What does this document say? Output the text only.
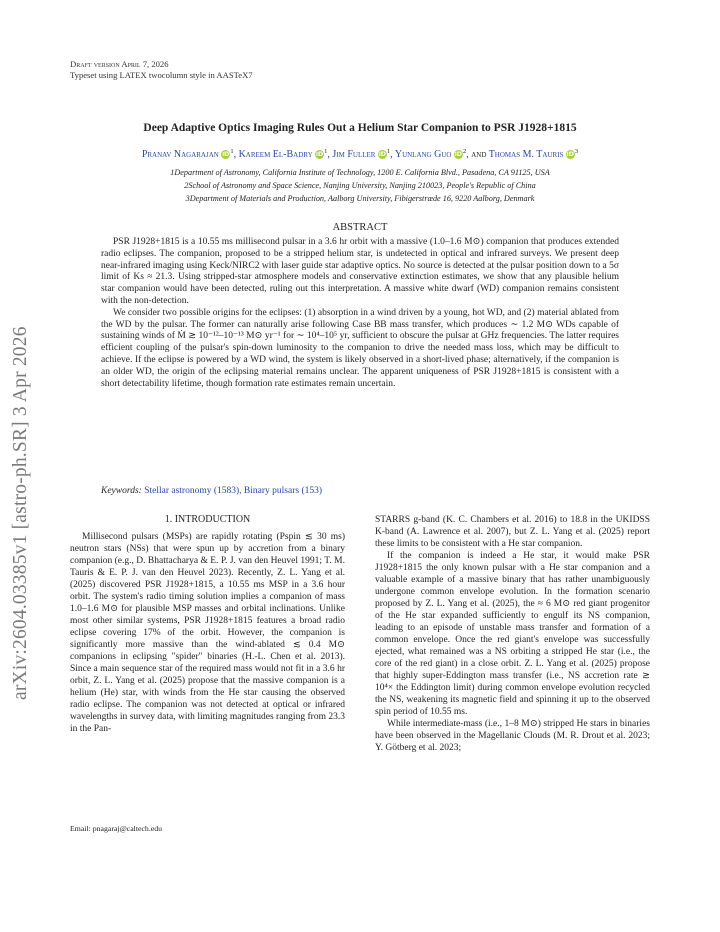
arXiv:2604.03385v1 [astro-ph.SR] 3 Apr 2026
Draft version April 7, 2026
Typeset using LATEX twocolumn style in AASTeX7
Deep Adaptive Optics Imaging Rules Out a Helium Star Companion to PSR J1928+1815
Pranav Nagarajan $iD^1$, Kareem El-Badry $iD^1$, Jim Fuller $iD^1$, Yunlang Guo $iD^2$, and Thomas M. Tauris $iD^3$
1Department of Astronomy, California Institute of Technology, 1200 E. California Blvd., Pasadena, CA 91125, USA
2School of Astronomy and Space Science, Nanjing University, Nanjing 210023, People's Republic of China
3Department of Materials and Production, Aalborg University, Fibigerstræde 16, 9220 Aalborg, Denmark
ABSTRACT

PSR J1928+1815 is a 10.55 ms millisecond pulsar in a 3.6 hr orbit with a massive (1.0–1.6 M⊙) companion that produces extended radio eclipses. The companion, proposed to be a stripped helium star, is undetected in optical and infrared surveys. We present deep near-infrared imaging using Keck/NIRC2 with laser guide star adaptive optics. No source is detected at the pulsar position down to a 5σ limit of Ks ≈ 21.3. Using stripped-star atmosphere models and conservative extinction estimates, we show that any plausible helium star companion would have been detected, ruling out this interpretation. A massive white dwarf (WD) companion remains consistent with the non-detection.

We consider two possible origins for the eclipses: (1) absorption in a wind driven by a young, hot WD, and (2) material ablated from the WD by the pulsar. The former can naturally arise following Case BB mass transfer, which produces ∼ 1.2 M⊙ WDs capable of sustaining winds of Ṁ ≳ 10⁻¹²–10⁻¹³ M⊙ yr⁻¹ for ∼ 10⁴–10⁵ yr, sufficient to obscure the pulsar at GHz frequencies. The latter requires efficient coupling of the pulsar's spin-down luminosity to the companion to drive the needed mass loss, which may be difficult to achieve. If the eclipse is powered by a WD wind, the system is likely observed in a short-lived phase; alternatively, if the companion is an older WD, the origin of the eclipsing material remains unclear. The apparent uniqueness of PSR J1928+1815 is consistent with a short detectability lifetime, though formation rate estimates remain uncertain.

Keywords: Stellar astronomy (1583), Binary pulsars (153)
1. INTRODUCTION

Millisecond pulsars (MSPs) are rapidly rotating (Pspin ≲ 30 ms) neutron stars (NSs) that were spun up by accretion from a binary companion (e.g., D. Bhattacharya & E. P. J. van den Heuvel 1991; T. M. Tauris & E. P. J. van den Heuvel 2023). Recently, Z. L. Yang et al. (2025) discovered PSR J1928+1815, a 10.55 ms MSP in a 3.6 hour orbit. The system's radio timing solution implies a companion of mass 1.0–1.6 M⊙ for plausible MSP masses and orbital inclinations. Unlike most other similar systems, PSR J1928+1815 features a broad radio eclipse covering 17% of the orbit. However, the companion is significantly more massive than the wind-ablated ≲ 0.4 M⊙ companions in eclipsing "spider" binaries (H.-L. Chen et al. 2013). Since a main sequence star of the required mass would not fit in a 3.6 hr orbit, Z. L. Yang et al. (2025) propose that the massive companion is a helium (He) star, with winds from the He star causing the observed radio eclipse. The companion was not detected at optical or infrared wavelengths in survey data, with limiting magnitudes ranging from 23.3 in the Pan-

STARRS g-band (K. C. Chambers et al. 2016) to 18.8 in the UKIDSS K-band (A. Lawrence et al. 2007), but Z. L. Yang et al. (2025) report these limits to be consistent with a He star companion.

If the companion is indeed a He star, it would make PSR J1928+1815 the only known pulsar with a He star companion and a valuable example of a massive binary that has rather unambiguously undergone common envelope evolution. In the formation scenario proposed by Z. L. Yang et al. (2025), the ≈ 6 M⊙ red giant progenitor of the He star expanded sufficiently to engulf its NS companion, leading to an episode of unstable mass transfer and formation of a common envelope. Once the red giant's envelope was successfully ejected, what remained was a NS orbiting a stripped He star (i.e., the core of the red giant) in a close orbit. Z. L. Yang et al. (2025) propose that highly super-Eddington mass transfer (i.e., NS accretion rate ≳ 10⁴× the Eddington limit) during common envelope evolution recycled the NS, weakening its magnetic field and spinning it up to the observed spin period of 10.55 ms.

While intermediate-mass (i.e., 1–8 M⊙) stripped He stars in binaries have been observed in the Magellanic Clouds (M. R. Drout et al. 2023; Y. Götberg et al. 2023;

Email: pnagaraj@caltech.edu
